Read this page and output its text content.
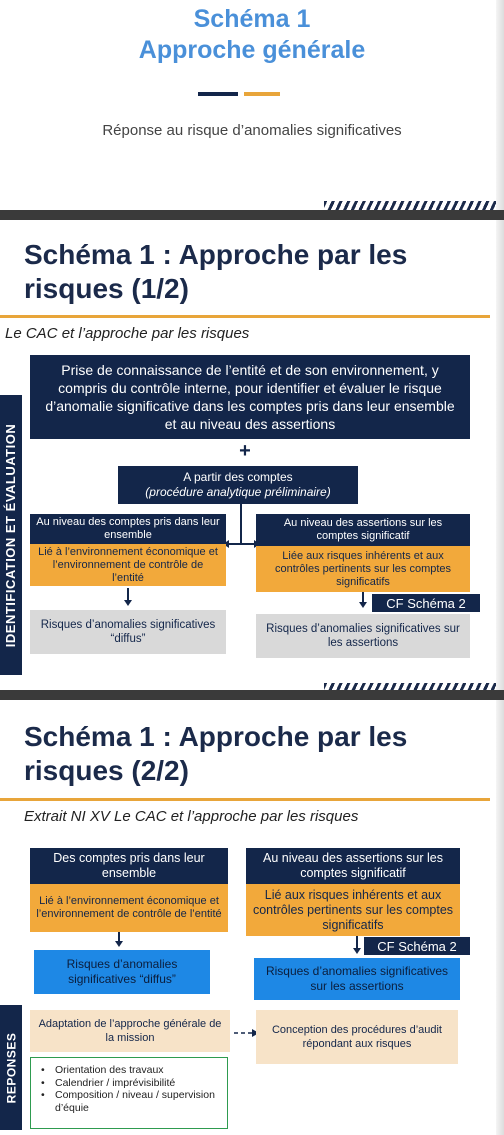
Schéma 1
Approche générale
Réponse au risque d’anomalies significatives
Schéma 1 : Approche par les risques (1/2)
Le CAC et l’approche par les risques
IDENTIFICATION ET ÉVALUATION
Prise de connaissance de l’entité et de son environnement, y compris du contrôle interne, pour identifier et évaluer le risque d’anomalie significative dans les comptes pris dans leur ensemble et au niveau des assertions
+
A partir des comptes
(procédure analytique préliminaire)
Au niveau des comptes pris dans leur ensemble
Lié à l’environnement économique et l’environnement de contrôle de l’entité
Risques d’anomalies significatives “diffus”
Au niveau des assertions sur les comptes significatif
Liée aux risques inhérents et aux contrôles pertinents sur les comptes significatifs
CF Schéma 2
Risques d’anomalies significatives sur les assertions
Schéma 1 : Approche par les risques (2/2)
Extrait NI XV Le CAC et l’approche par les risques
REPONSES
Des comptes pris dans leur ensemble
Lié à l’environnement économique et l’environnement de contrôle de l’entité
Risques d’anomalies significatives “diffus”
Au niveau des assertions sur les comptes significatif
Lié aux risques inhérents et aux contrôles pertinents sur les comptes significatifs
CF Schéma 2
Risques d’anomalies significatives sur les assertions
Adaptation de l’approche générale de la mission
Conception des procédures d’audit répondant aux risques
• Orientation des travaux
• Calendrier / imprévisibilité
• Composition / niveau / supervision d’équie
